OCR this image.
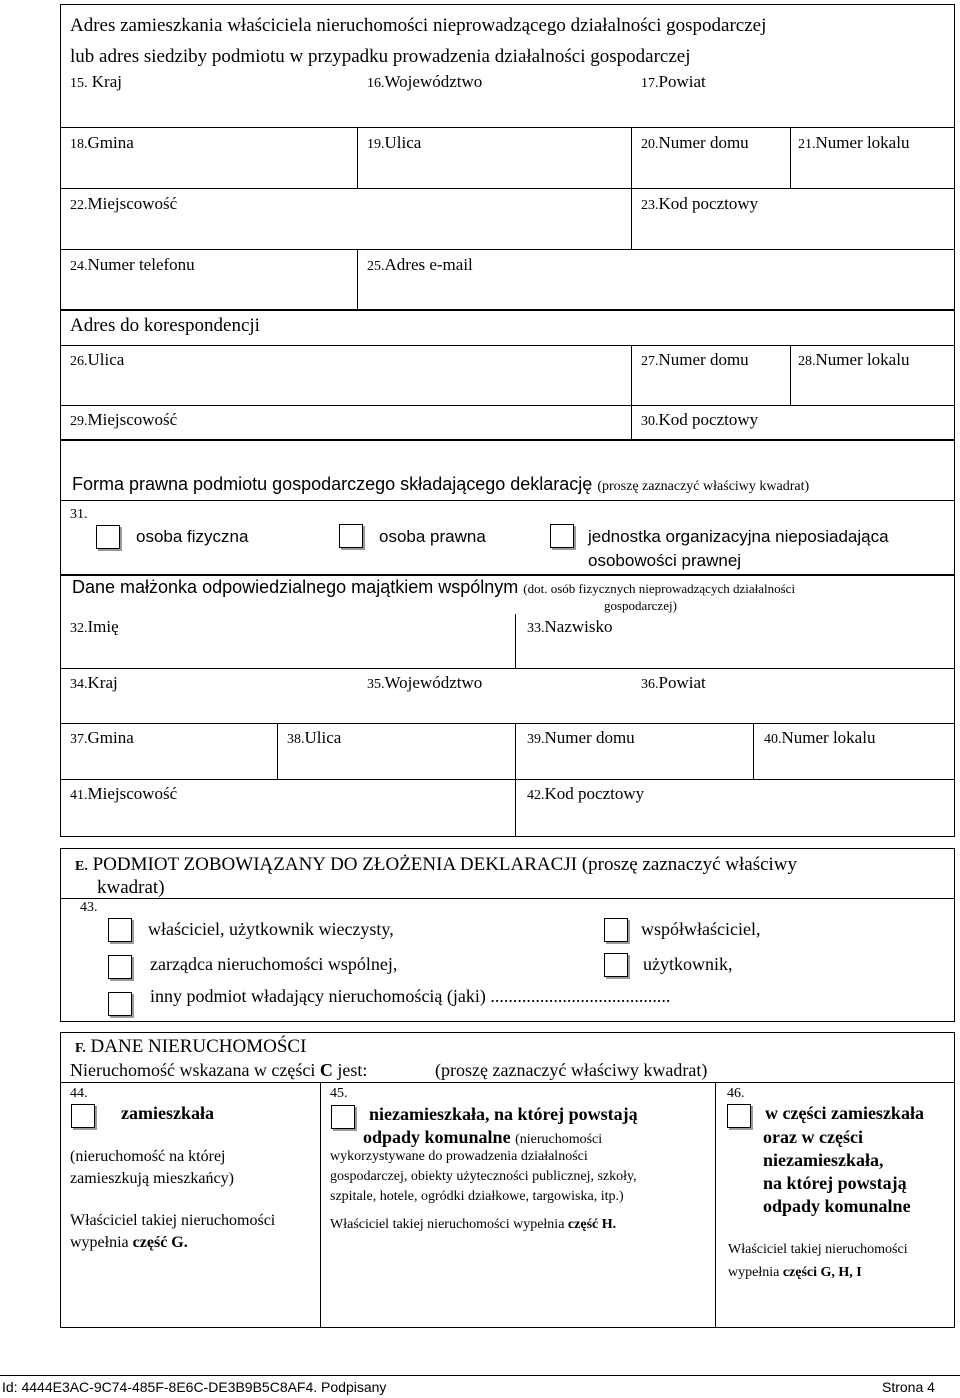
Adres zamieszkania właściciela nieruchomości nieprowadzącego działalności gospodarczej
lub adres siedziby podmiotu w przypadku prowadzenia działalności gospodarczej
15. Kraj	16.Województwo	17.Powiat
18.Gmina	19.Ulica	20.Numer domu	21.Numer lokalu
22.Miejscowość	23.Kod pocztowy
24.Numer telefonu	25.Adres e-mail
Adres do korespondencji
26.Ulica	27.Numer domu	28.Numer lokalu
29.Miejscowość	30.Kod pocztowy
Forma prawna podmiotu gospodarczego składającego deklarację (proszę zaznaczyć właściwy kwadrat)
31.
osoba fizyczna	osoba prawna	jednostka organizacyjna nieposiadająca
osobowości prawnej
Dane małżonka odpowiedzialnego majątkiem wspólnym (dot. osób fizycznych nieprowadzących działalności
gospodarczej)
32.Imię	33.Nazwisko
34.Kraj	35.Województwo	36.Powiat
37.Gmina	38.Ulica	39.Numer domu	40.Numer lokalu
41.Miejscowość	42.Kod pocztowy
E. PODMIOT ZOBOWIĄZANY DO ZŁOŻENIA DEKLARACJI (proszę zaznaczyć właściwy
kwadrat)
43.
właściciel, użytkownik wieczysty,	współwłaściciel,
zarządca nieruchomości wspólnej,	użytkownik,
inny podmiot władający nieruchomością (jaki) ........................................
F. DANE NIERUCHOMOŚCI
Nieruchomość wskazana w części C jest:	(proszę zaznaczyć właściwy kwadrat)
44.
zamieszkała
(nieruchomość na której
zamieszkują mieszkańcy)
Właściciel takiej nieruchomości
wypełnia część G.
45.
niezamieszkała, na której powstają
odpady komunalne (nieruchomości
wykorzystywane do prowadzenia działalności
gospodarczej, obiekty użyteczności publicznej, szkoły,
szpitale, hotele, ogródki działkowe, targowiska, itp.)
Właściciel takiej nieruchomości wypełnia część H.
46.
w części zamieszkała
oraz w części
niezamieszkała,
na której powstają
odpady komunalne
Właściciel takiej nieruchomości
wypełnia części G, H, I
Id: 4444E3AC-9C74-485F-8E6C-DE3B9B5C8AF4. Podpisany	Strona 4
